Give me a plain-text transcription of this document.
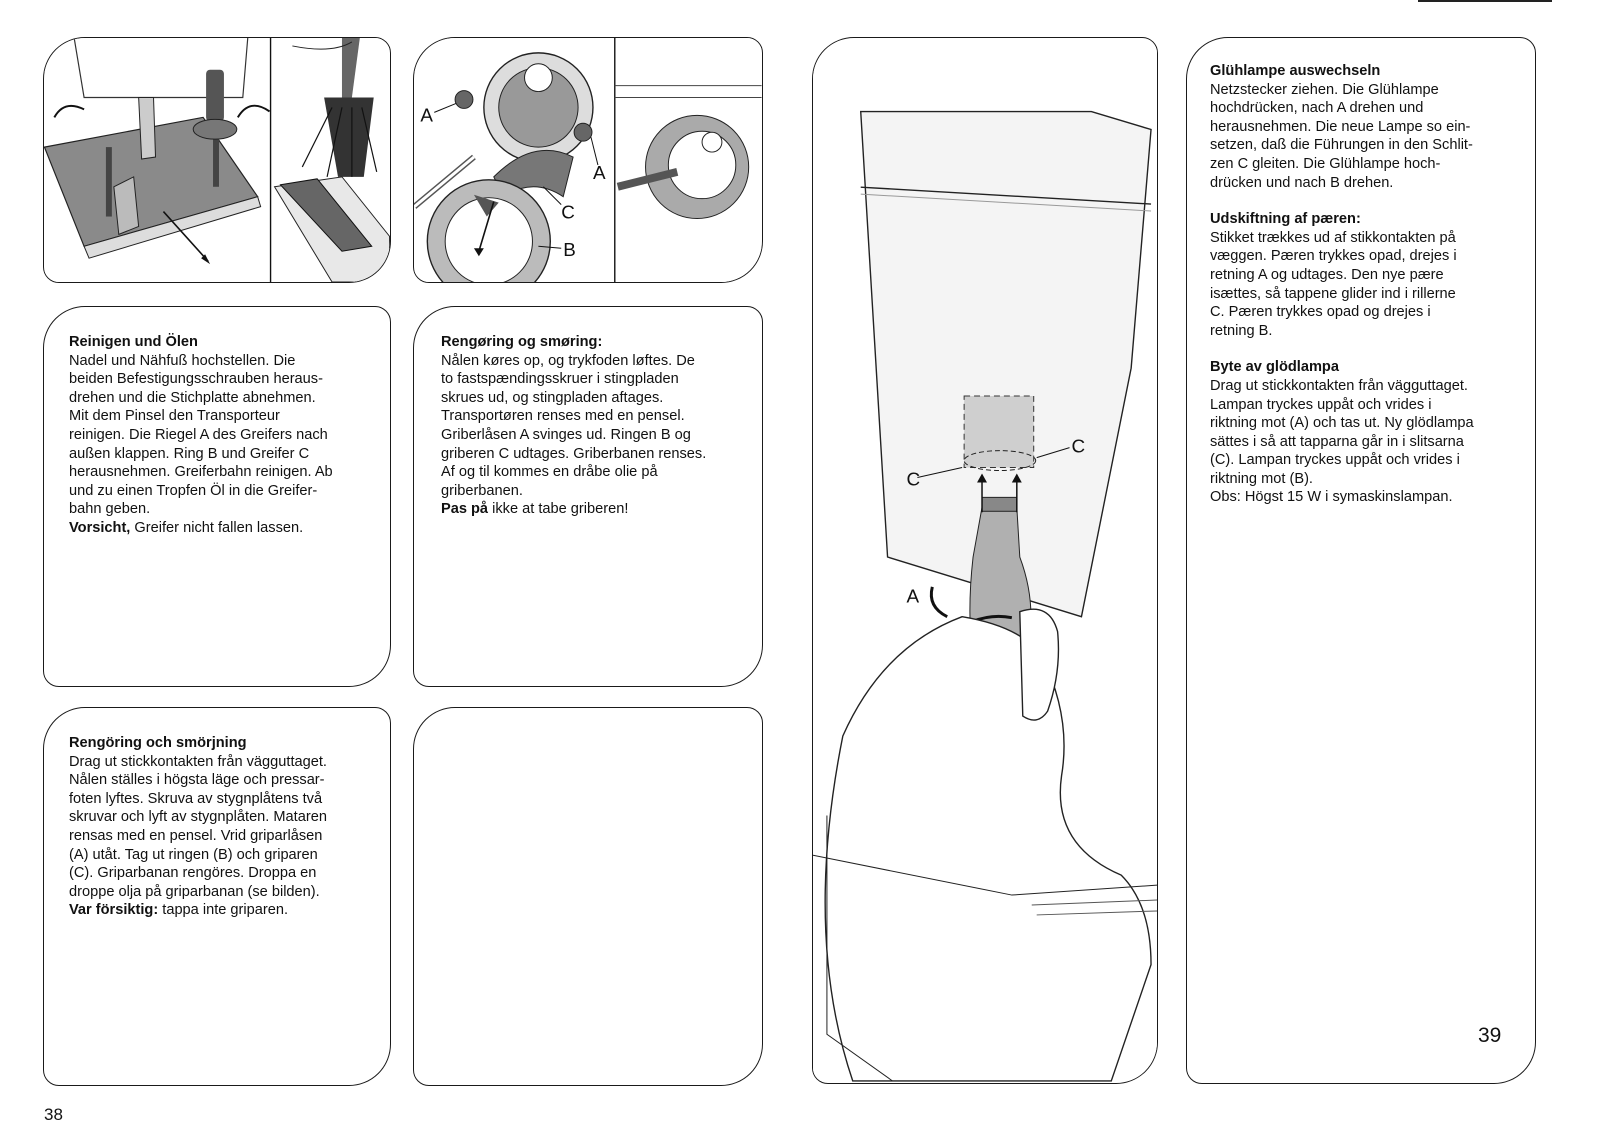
A
A
C
B
C
C
A
Reinigen und Ölen
Nadel und Nähfuß hochstellen. Die
beiden Befestigungsschrauben heraus-
drehen und die Stichplatte abnehmen.
Mit dem Pinsel den Transporteur
reinigen. Die Riegel A des Greifers nach
außen klappen. Ring B und Greifer C
herausnehmen. Greiferbahn reinigen. Ab
und zu einen Tropfen Öl in die Greifer-
bahn geben.
Vorsicht, Greifer nicht fallen lassen.
Rengøring og smøring:
Nålen køres op, og trykfoden løftes. De
to fastspændingsskruer i stingpladen
skrues ud, og stingpladen aftages.
Transportøren renses med en pensel.
Griberlåsen A svinges ud. Ringen B og
griberen C udtages. Griberbanen renses.
Af og til kommes en dråbe olie på
griberbanen.
Pas på ikke at tabe griberen!
Rengöring och smörjning
Drag ut stickkontakten från vägguttaget.
Nålen ställes i högsta läge och pressar-
foten lyftes. Skruva av stygnplåtens två
skruvar och lyft av stygnplåten. Mataren
rensas med en pensel. Vrid griparlåsen
(A) utåt. Tag ut ringen (B) och griparen
(C). Griparbanan rengöres. Droppa en
droppe olja på griparbanan (se bilden).
Var försiktig: tappa inte griparen.
Glühlampe auswechseln
Netzstecker ziehen. Die Glühlampe
hochdrücken, nach A drehen und
herausnehmen. Die neue Lampe so ein-
setzen, daß die Führungen in den Schlit-
zen C gleiten. Die Glühlampe hoch-
drücken und nach B drehen.
Udskiftning af pæren:
Stikket trækkes ud af stikkontakten på
væggen. Pæren trykkes opad, drejes i
retning A og udtages. Den nye pære
isættes, så tappene glider ind i rillerne
C. Pæren trykkes opad og drejes i
retning B.
Byte av glödlampa
Drag ut stickkontakten från vägguttaget.
Lampan tryckes uppåt och vrides i
riktning mot (A) och tas ut. Ny glödlampa
sättes i så att tapparna går in i slitsarna
(C). Lampan tryckes uppåt och vrides i
riktning mot (B).
Obs: Högst 15 W i symaskinslampan.
39
38
